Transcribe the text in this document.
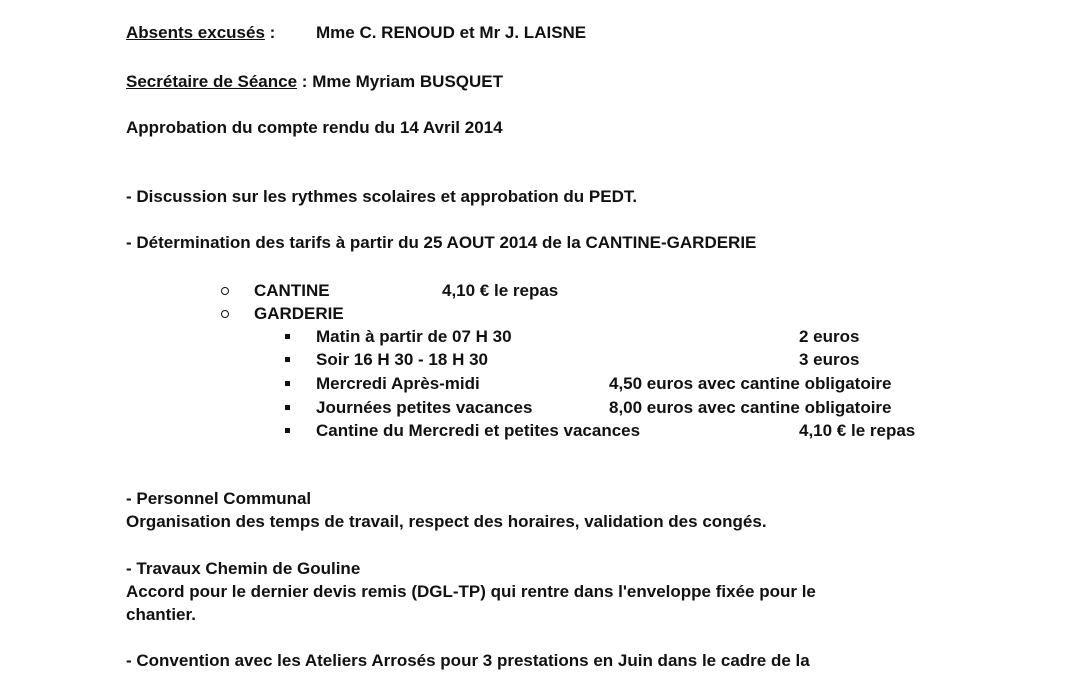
Absents excusés : Mme C. RENOUD et Mr J. LAISNE
Secrétaire de Séance : Mme Myriam BUSQUET
Approbation du compte rendu du 14 Avril 2014
- Discussion sur les rythmes scolaires et approbation du PEDT.
- Détermination des tarifs à partir du 25 AOUT 2014 de la CANTINE-GARDERIE
CANTINE	4,10 € le repas
GARDERIE
Matin à partir de 07 H 30	2 euros
Soir 16 H 30 - 18 H 30	3 euros
Mercredi Après-midi	4,50 euros avec cantine obligatoire
Journées petites vacances	8,00 euros avec cantine obligatoire
Cantine du Mercredi et petites vacances	4,10 € le repas
- Personnel Communal
Organisation des temps de travail, respect des horaires, validation des congés.
- Travaux Chemin de Gouline
Accord pour le dernier devis remis (DGL-TP) qui rentre dans l'enveloppe fixée pour le
chantier.
- Convention avec les Ateliers Arrosés pour 3 prestations en Juin dans le cadre de la
